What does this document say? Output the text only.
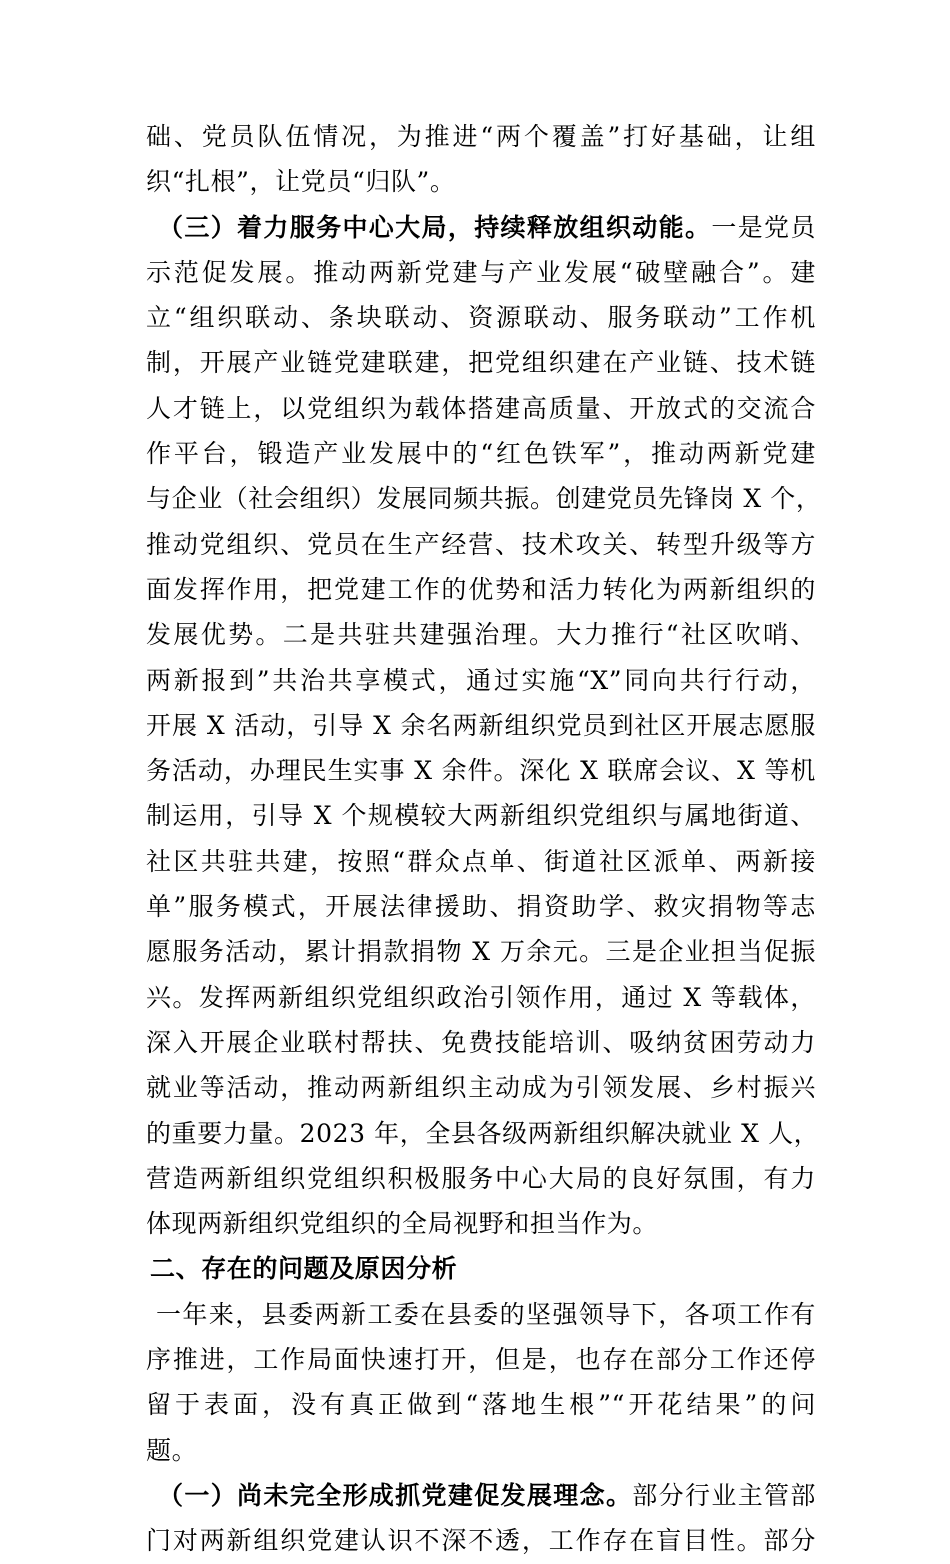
础、党员队伍情况，为推进“两个覆盖”打好基础，让组
织“扎根”，让党员“归队”。
（三）着力服务中心大局，持续释放组织动能。一是党员
示范促发展。推动两新党建与产业发展“破壁融合”。建
立“组织联动、条块联动、资源联动、服务联动”工作机
制，开展产业链党建联建，把党组织建在产业链、技术链
人才链上，以党组织为载体搭建高质量、开放式的交流合
作平台，锻造产业发展中的“红色铁军”，推动两新党建
与企业（社会组织）发展同频共振。创建党员先锋岗 X 个，
推动党组织、党员在生产经营、技术攻关、转型升级等方
面发挥作用，把党建工作的优势和活力转化为两新组织的
发展优势。二是共驻共建强治理。大力推行“社区吹哨、
两新报到”共治共享模式，通过实施“X”同向共行行动，
开展 X 活动，引导 X 余名两新组织党员到社区开展志愿服
务活动，办理民生实事 X 余件。深化 X 联席会议、X 等机
制运用，引导 X 个规模较大两新组织党组织与属地街道、
社区共驻共建，按照“群众点单、街道社区派单、两新接
单”服务模式，开展法律援助、捐资助学、救灾捐物等志
愿服务活动，累计捐款捐物 X 万余元。三是企业担当促振
兴。发挥两新组织党组织政治引领作用，通过 X 等载体，
深入开展企业联村帮扶、免费技能培训、吸纳贫困劳动力
就业等活动，推动两新组织主动成为引领发展、乡村振兴
的重要力量。2023 年，全县各级两新组织解决就业 X 人，
营造两新组织党组织积极服务中心大局的良好氛围，有力
体现两新组织党组织的全局视野和担当作为。
二、存在的问题及原因分析
一年来，县委两新工委在县委的坚强领导下，各项工作有
序推进，工作局面快速打开，但是，也存在部分工作还停
留于表面，没有真正做到“落地生根”“开花结果”的问
题。
（一）尚未完全形成抓党建促发展理念。部分行业主管部
门对两新组织党建认识不深不透，工作存在盲目性。部分
